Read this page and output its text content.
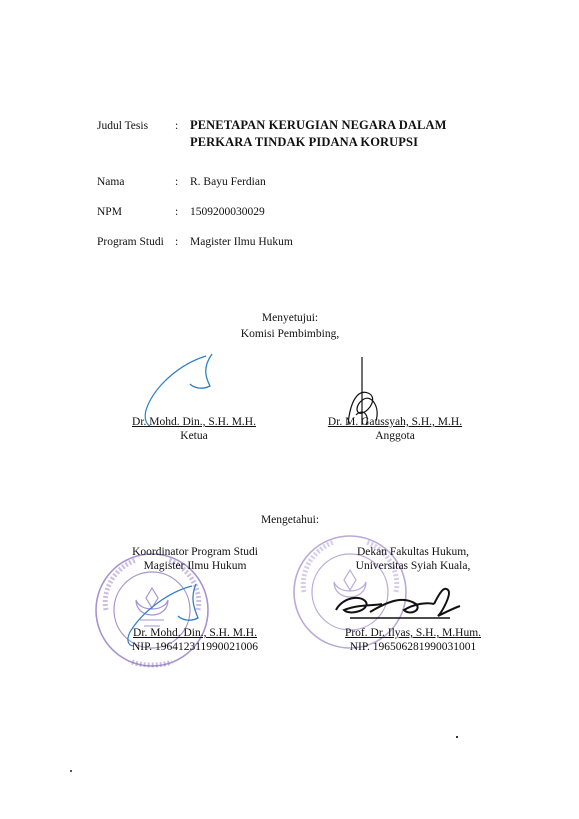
Judul Tesis : PENETAPAN KERUGIAN NEGARA DALAM
PERKARA TINDAK PIDANA KORUPSI
Nama	: R. Bayu Ferdian
NPM	: 1509200030029
Program Studi : Magister Ilmu Hukum
Menyetujui:
Komisi Pembimbing,
Dr. Mohd. Din., S.H. M.H.
Ketua
Dr. M. Gaussyah, S.H., M.H.
Anggota
Mengetahui:
Koordinator Program Studi
Magister Ilmu Hukum
Dr. Mohd. Din., S.H. M.H.
NIP. 196412311990021006
Dekan Fakultas Hukum,
Universitas Syiah Kuala,
Prof. Dr. Ilyas, S.H., M.Hum.
NIP. 196506281990031001
